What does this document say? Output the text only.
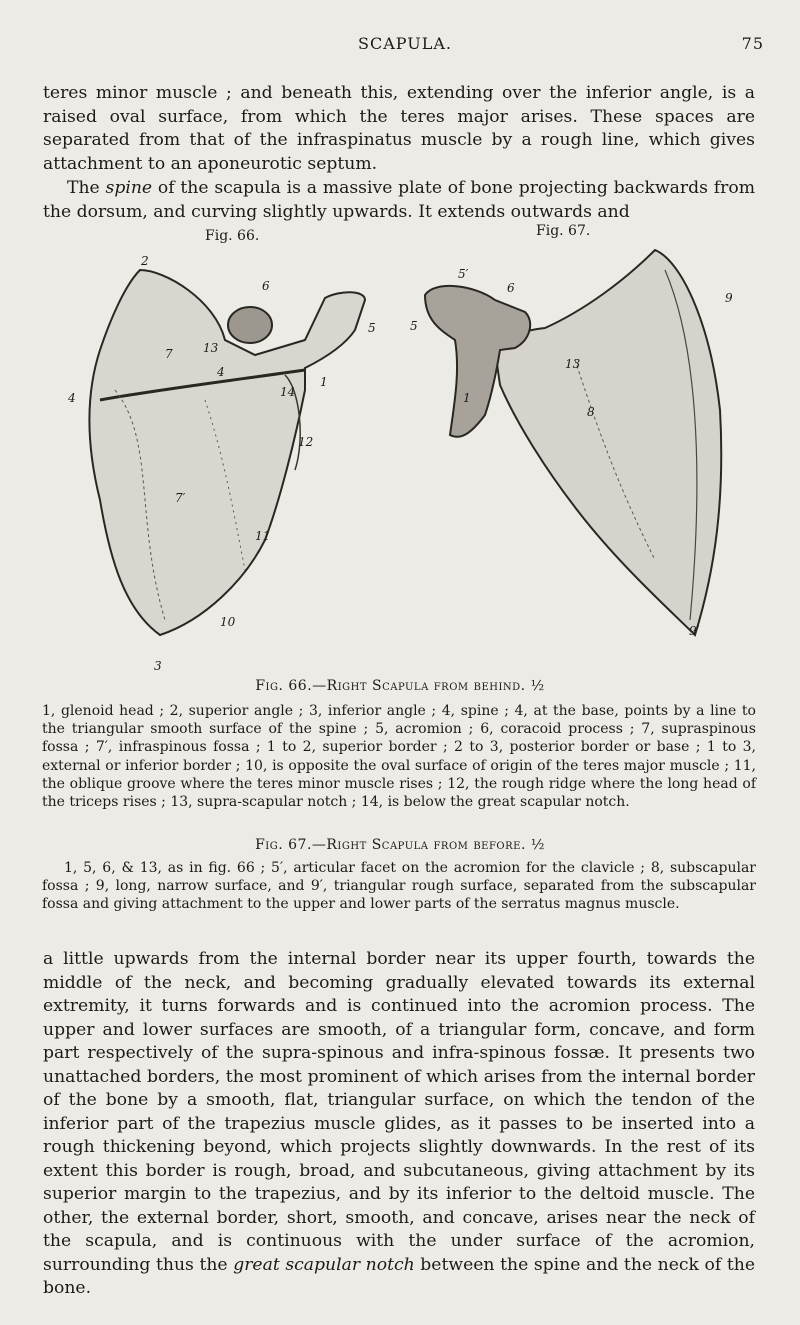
SCAPULA.	75
teres minor muscle ; and beneath this, extending over the inferior angle, is a raised oval surface, from which the teres major arises. These spaces are separated from that of the infraspinatus muscle by a rough line, which gives attachment to an aponeurotic septum.
The spine of the scapula is a massive plate of bone projecting backwards from the dorsum, and curving slightly upwards. It extends outwards and
Fig. 66.	Fig. 67.
2
6
5
7	13
4
4
14
1
12
7′
11
10
3
5′
6
9
5
13
1
8
9′
Fig. 66.—Right Scapula from behind. ½
1, glenoid head ; 2, superior angle ; 3, inferior angle ; 4, spine ; 4, at the base, points by a line to the triangular smooth surface of the spine ; 5, acromion ; 6, coracoid process ; 7, supraspinous fossa ; 7′, infraspinous fossa ; 1 to 2, superior border ; 2 to 3, posterior border or base ; 1 to 3, external or inferior border ; 10, is opposite the oval surface of origin of the teres major muscle ; 11, the oblique groove where the teres minor muscle rises ; 12, the rough ridge where the long head of the triceps rises ; 13, supra-scapular notch ; 14, is below the great scapular notch.
Fig. 67.—Right Scapula from before. ½
1, 5, 6, & 13, as in fig. 66 ; 5′, articular facet on the acromion for the clavicle ; 8, subscapular fossa ; 9, long, narrow surface, and 9′, triangular rough surface, separated from the subscapular fossa and giving attachment to the upper and lower parts of the serratus magnus muscle.
a little upwards from the internal border near its upper fourth, towards the middle of the neck, and becoming gradually elevated towards its external extremity, it turns forwards and is continued into the acromion process. The upper and lower surfaces are smooth, of a triangular form, concave, and form part respectively of the supra-spinous and infra-spinous fossæ. It presents two unattached borders, the most prominent of which arises from the internal border of the bone by a smooth, flat, triangular surface, on which the tendon of the inferior part of the trapezius muscle glides, as it passes to be inserted into a rough thickening beyond, which projects slightly downwards. In the rest of its extent this border is rough, broad, and subcutaneous, giving attachment by its superior margin to the trapezius, and by its inferior to the deltoid muscle. The other, the external border, short, smooth, and concave, arises near the neck of the scapula, and is continuous with the under surface of the acromion, surrounding thus the great scapular notch between the spine and the neck of the bone.
